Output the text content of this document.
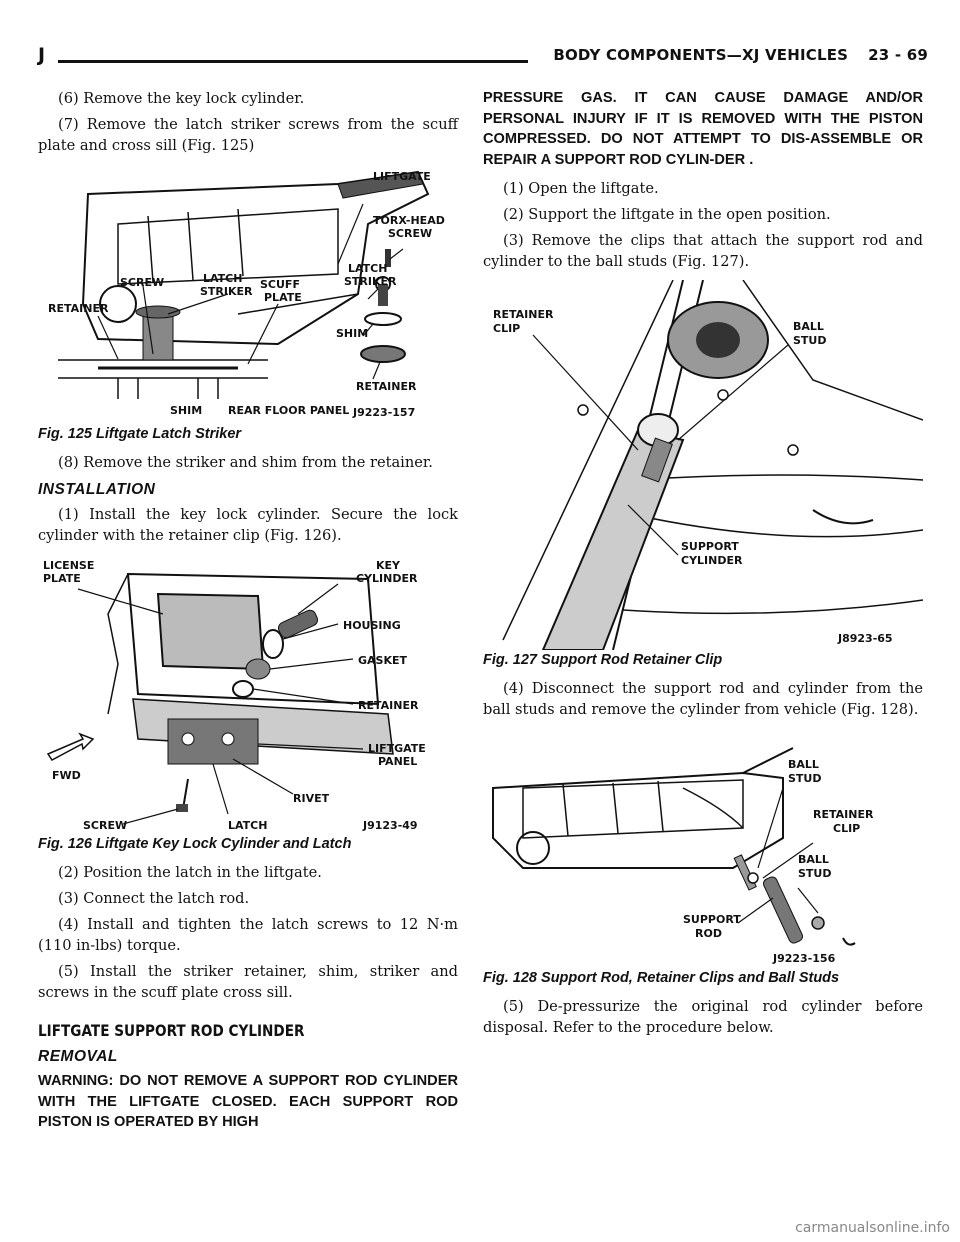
J	BODY COMPONENTS—XJ VEHICLES 23 - 69

(6) Remove the key lock cylinder.

(7) Remove the latch striker screws from the scuff plate and cross sill (Fig. 125)

LIFTGATE
TORX-HEAD
SCREW
LATCH
STRIKER
RETAINER
SCREW	LATCH
STRIKER
SCUFF
PLATE
SHIM
RETAINER
SHIM REAR FLOOR PANEL J9223-157
Fig. 125 Liftgate Latch Striker

(8) Remove the striker and shim from the retainer.

INSTALLATION

(1) Install the key lock cylinder. Secure the lock cylinder with the retainer clip (Fig. 126).

LICENSE
PLATE
KEY
CYLINDER
HOUSING
GASKET
RETAINER
LIFTGATE
PANEL
FWD
RIVET
SCREW	LATCH	J9123-49
Fig. 126 Liftgate Key Lock Cylinder and Latch

(2) Position the latch in the liftgate.

(3) Connect the latch rod.

(4) Install and tighten the latch screws to 12 N·m (110 in-lbs) torque.

(5) Install the striker retainer, shim, striker and screws in the scuff plate cross sill.

LIFTGATE SUPPORT ROD CYLINDER
REMOVAL

WARNING: DO NOT REMOVE A SUPPORT ROD CYLINDER WITH THE LIFTGATE CLOSED. EACH SUPPORT ROD PISTON IS OPERATED BY HIGH

PRESSURE GAS. IT CAN CAUSE DAMAGE AND/OR PERSONAL INJURY IF IT IS REMOVED WITH THE PISTON COMPRESSED. DO NOT ATTEMPT TO DIS-ASSEMBLE OR REPAIR A SUPPORT ROD CYLIN-DER .

(1) Open the liftgate.

(2) Support the liftgate in the open position.

(3) Remove the clips that attach the support rod and cylinder to the ball studs (Fig. 127).

RETAINER
CLIP	BALL
STUD
SUPPORT
CYLINDER
J8923-65
Fig. 127 Support Rod Retainer Clip

(4) Disconnect the support rod and cylinder from the ball studs and remove the cylinder from vehicle (Fig. 128).

BALL
STUD
RETAINER
CLIP
BALL
STUD
SUPPORT
ROD
J9223-156
Fig. 128 Support Rod, Retainer Clips and Ball Studs

(5) De-pressurize the original rod cylinder before disposal. Refer to the procedure below.

carmanualsonline.info
